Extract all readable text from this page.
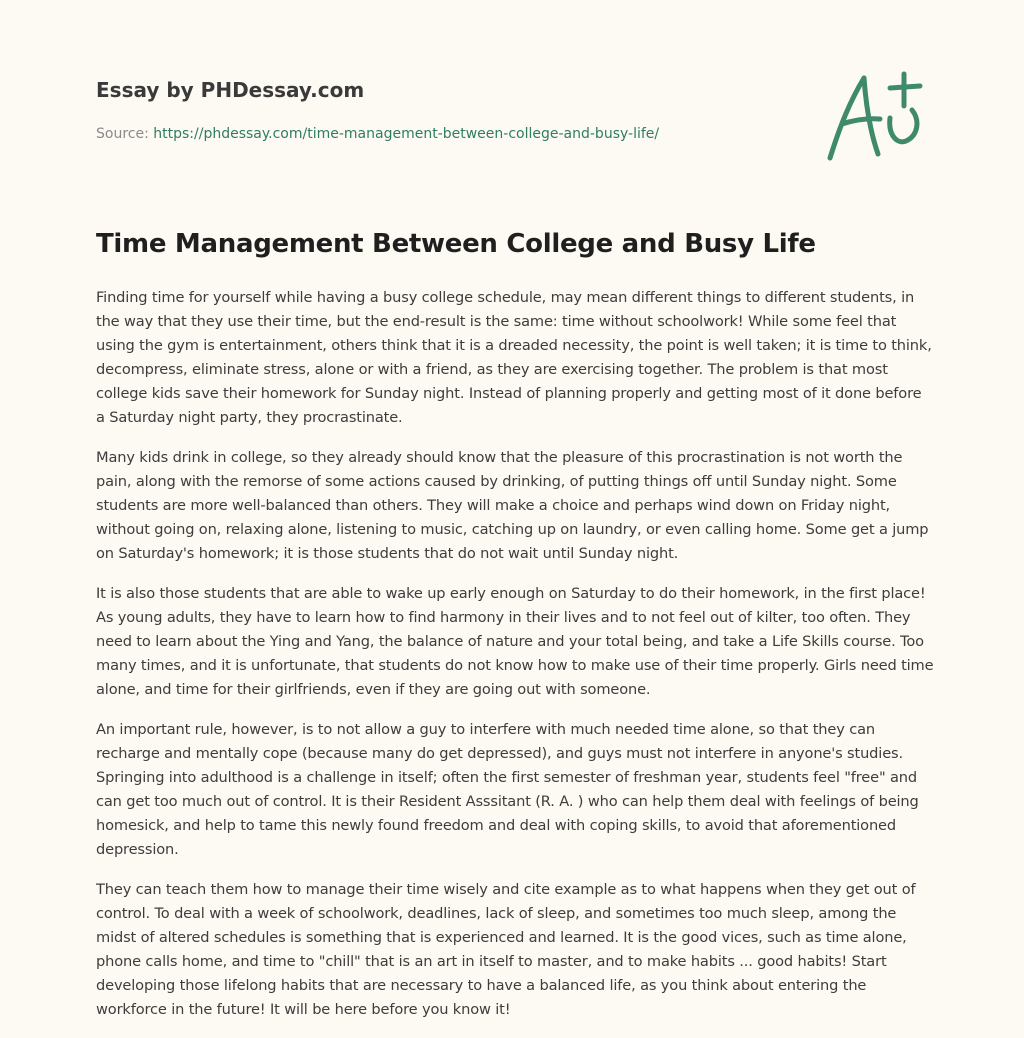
Essay by PHDessay.com
Source: https://phdessay.com/time-management-between-college-and-busy-life/
Time Management Between College and Busy Life

Finding time for yourself while having a busy college schedule, may mean different things to different students, in the way that they use their time, but the end-result is the same: time without schoolwork! While some feel that using the gym is entertainment, others think that it is a dreaded necessity, the point is well taken; it is time to think, decompress, eliminate stress, alone or with a friend, as they are exercising together. The problem is that most college kids save their homework for Sunday night. Instead of planning properly and getting most of it done before a Saturday night party, they procrastinate.

Many kids drink in college, so they already should know that the pleasure of this procrastination is not worth the pain, along with the remorse of some actions caused by drinking, of putting things off until Sunday night. Some students are more well-balanced than others. They will make a choice and perhaps wind down on Friday night, without going on, relaxing alone, listening to music, catching up on laundry, or even calling home. Some get a jump on Saturday's homework; it is those students that do not wait until Sunday night.

It is also those students that are able to wake up early enough on Saturday to do their homework, in the first place! As young adults, they have to learn how to find harmony in their lives and to not feel out of kilter, too often. They need to learn about the Ying and Yang, the balance of nature and your total being, and take a Life Skills course. Too many times, and it is unfortunate, that students do not know how to make use of their time properly. Girls need time alone, and time for their girlfriends, even if they are going out with someone.

An important rule, however, is to not allow a guy to interfere with much needed time alone, so that they can recharge and mentally cope (because many do get depressed), and guys must not interfere in anyone's studies. Springing into adulthood is a challenge in itself; often the first semester of freshman year, students feel "free" and can get too much out of control. It is their Resident Asssitant (R. A. ) who can help them deal with feelings of being homesick, and help to tame this newly found freedom and deal with coping skills, to avoid that aforementioned depression.

They can teach them how to manage their time wisely and cite example as to what happens when they get out of control. To deal with a week of schoolwork, deadlines, lack of sleep, and sometimes too much sleep, among the midst of altered schedules is something that is experienced and learned. It is the good vices, such as time alone, phone calls home, and time to "chill" that is an art in itself to master, and to make habits ... good habits! Start developing those lifelong habits that are necessary to have a balanced life, as you think about entering the workforce in the future! It will be here before you know it!
